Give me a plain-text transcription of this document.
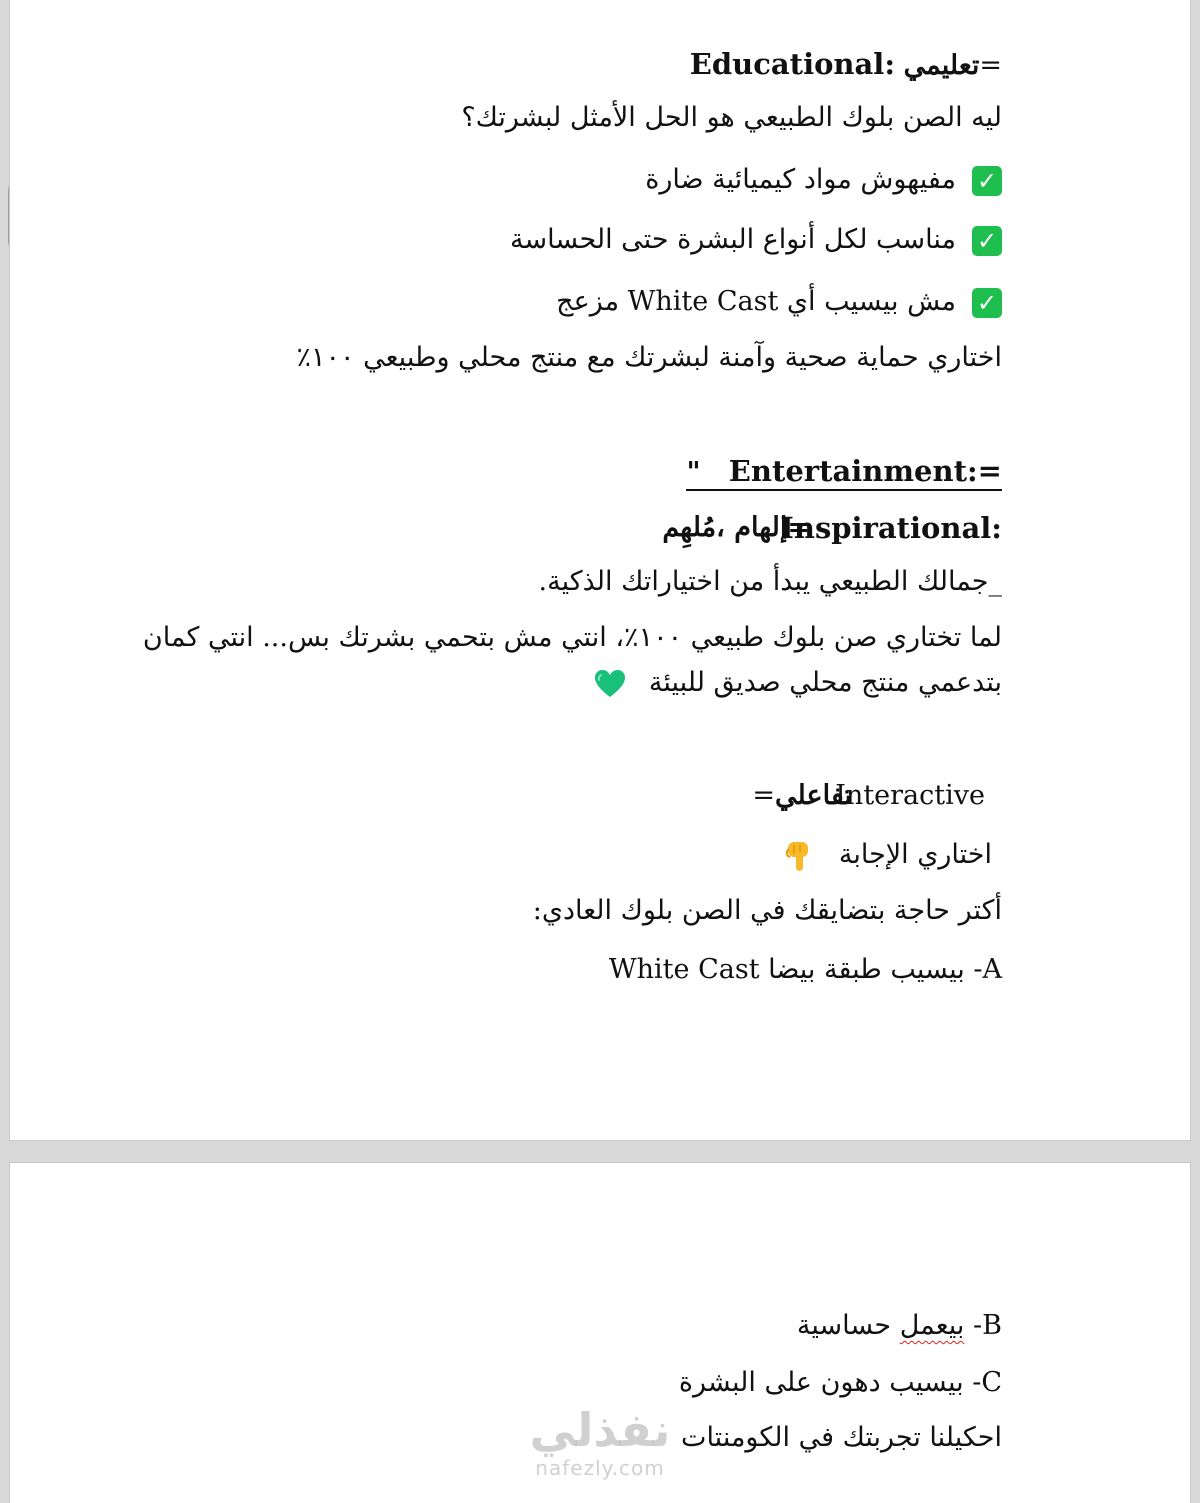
Educational: تعليمي=
ليه الصن بلوك الطبيعي هو الحل الأمثل لبشرتك؟
✓مفيهوش مواد كيميائية ضارة
✓مناسب لكل أنواع البشرة حتى الحساسة
✓مش بيسيب أي White Cast مزعج
اختاري حماية صحية وآمنة لبشرتك مع منتج محلي وطبيعي ١٠٠٪
" Entertainment:=
Inspirational:
=إلهام ،مُلهِم
_جمالك الطبيعي يبدأ من اختياراتك الذكية.
لما تختاري صن بلوك طبيعي ١٠٠٪، انتي مش بتحمي بشرتك بس... انتي كمان
بتدعمي منتج محلي صديق للبيئة
Interactive
تفاعلي=
اختاري الإجابة
أكتر حاجة بتضايقك في الصن بلوك العادي:
A- بيسيب طبقة بيضا White Cast
B- بيعمل حساسية
C- بيسيب دهون على البشرة
احكيلنا تجربتك في الكومنتات
نفذلي
nafezly.com
